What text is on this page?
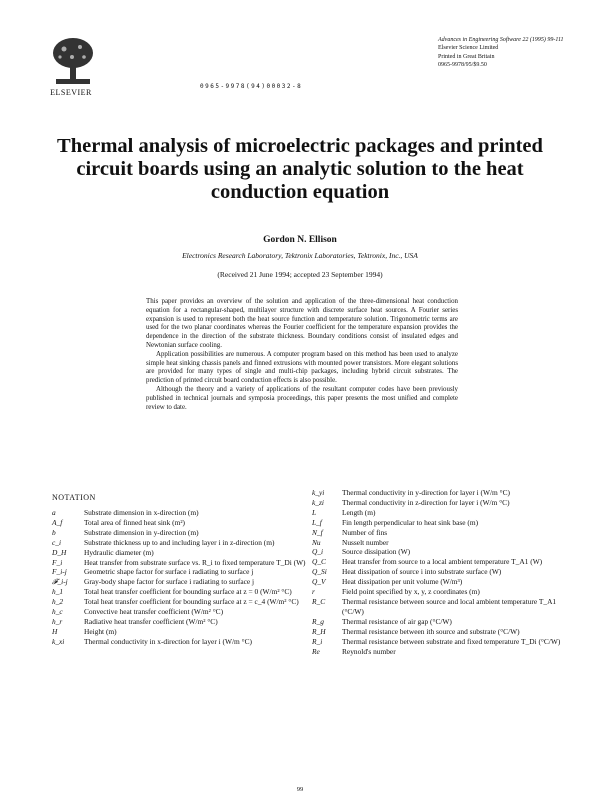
ELSEVIER
0965-9978(94)00032-8
Advances in Engineering Software 22 (1995) 99-111
Elsevier Science Limited
Printed in Great Britain
0965-9978/95/$9.50
Thermal analysis of microelectric packages and printed circuit boards using an analytic solution to the heat conduction equation
Gordon N. Ellison
Electronics Research Laboratory, Tektronix Laboratories, Tektronix, Inc., USA
(Received 21 June 1994; accepted 23 September 1994)

This paper provides an overview of the solution and application of the three-dimensional heat conduction equation for a rectangular-shaped, multilayer structure with discrete surface heat sources. A Fourier series expansion is used to represent both the heat source function and temperature solution. Trigonometric terms are used for the two planar coordinates whereas the Fourier coefficient for the temperature expansion provides the dependence in the direction of the substrate thickness. Boundary conditions consist of insulated edges and Newtonian surface cooling.

Application possibilities are numerous. A computer program based on this method has been used to analyze simple heat sinking chassis panels and finned extrusions with mounted power transistors. More elegant solutions are provided for many types of single and multi-chip packages, including hybrid circuit substrates. The prediction of printed circuit board conduction effects is also possible.

Although the theory and a variety of applications of the resultant computer codes have been previously published in technical journals and symposia proceedings, this paper presents the most unified and complete review to date.

NOTATION
a	Substrate dimension in x-direction (m)
A_f	Total area of finned heat sink (m²)
b	Substrate dimension in y-direction (m)
c_i	Substrate thickness up to and including layer i in z-direction (m)
D_H	Hydraulic diameter (m)
F_i	Heat transfer from substrate surface vs. R_i to fixed temperature T_Di (W)
F_i-j	Geometric shape factor for surface i radiating to surface j
𝓕_i-j	Gray-body shape factor for surface i radiating to surface j
h_1	Total heat transfer coefficient for bounding surface at z = 0 (W/m² °C)
h_2	Total heat transfer coefficient for bounding surface at z = c_4 (W/m² °C)
h_c	Convective heat transfer coefficient (W/m² °C)
h_r	Radiative heat transfer coefficient (W/m² °C)
H	Height (m)
k_xi	Thermal conductivity in x-direction for layer i (W/m °C)
k_yi	Thermal conductivity in y-direction for layer i (W/m °C)
k_zi	Thermal conductivity in z-direction for layer i (W/m °C)
L	Length (m)
L_f	Fin length perpendicular to heat sink base (m)
N_f	Number of fins
Nu	Nusselt number
Q_i	Source dissipation (W)
Q_C	Heat transfer from source to a local ambient temperature T_A1 (W)
Q_Si	Heat dissipation of source i into substrate surface (W)
Q_V	Heat dissipation per unit volume (W/m³)
r	Field point specified by x, y, z coordinates (m)
R_C	Thermal resistance between source and local ambient temperature T_A1 (°C/W)
R_g	Thermal resistance of air gap (°C/W)
R_H	Thermal resistance between ith source and substrate (°C/W)
R_i	Thermal resistance between substrate and fixed temperature T_Di (°C/W)
Re	Reynold's number
99
